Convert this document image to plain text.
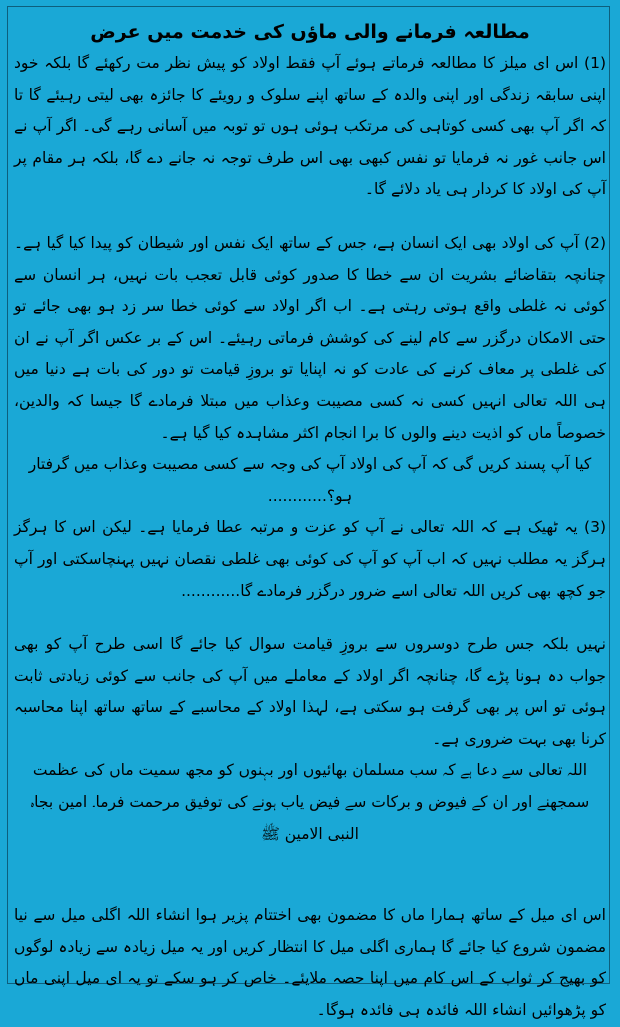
مطالعہ فرمانے والی ماؤں کی خدمت میں عرض

(1) اس ای میلز کا مطالعہ فرماتے ہوئے آپ فقط اولاد کو پیش نظر مت رکھئے گا بلکہ خود اپنی سابقہ زندگی اور اپنی والدہ کے ساتھ اپنے سلوک و رویئے کا جائزہ بھی لیتی رہیئے گا تا کہ اگر آپ بھی کسی کوتاہی کی مرتکب ہوئی ہوں تو توبہ میں آسانی رہے گی۔ اگر آپ نے اس جانب غور نہ فرمایا تو نفس کبھی بھی اس طرف توجہ نہ جانے دے گا، بلکہ ہر مقام پر آپ کی اولاد کا کردار ہی یاد دلائے گا۔

(2) آپ کی اولاد بھی ایک انسان ہے، جس کے ساتھ ایک نفس اور شیطان کو پیدا کیا گیا ہے۔ چنانچہ بتقاضائے بشریت ان سے خطا کا صدور کوئی قابل تعجب بات نہیں، ہر انسان سے کوئی نہ غلطی واقع ہوتی رہتی ہے۔ اب اگر اولاد سے کوئی خطا سر زد ہو بھی جائے تو حتی الامکان درگزر سے کام لینے کی کوشش فرماتی رہیئے۔ اس کے بر عکس اگر آپ نے ان کی غلطی پر معاف کرنے کی عادت کو نہ اپنایا تو بروزِ قیامت تو دور کی بات ہے دنیا میں ہی اللہ تعالی انہیں کسی نہ کسی مصیبت وعذاب میں مبتلا فرمادے گا جیسا کہ والدین، خصوصاً ماں کو اذیت دینے والوں کا برا انجام اکثر مشاہدہ کیا گیا ہے۔

کیا آپ پسند کریں گی کہ آپ کی اولاد آپ کی وجہ سے کسی مصیبت وعذاب میں گرفتار ہو؟............

(3) یہ ٹھیک ہے کہ اللہ تعالی نے آپ کو عزت و مرتبہ عطا فرمایا ہے۔ لیکن اس کا ہرگز ہرگز یہ مطلب نہیں کہ اب آپ کو آپ کی کوئی بھی غلطی نقصان نہیں پہنچاسکتی اور آپ جو کچھ بھی کریں اللہ تعالی اسے ضرور درگزر فرمادے گا............

نہیں بلکہ جس طرح دوسروں سے بروزِ قیامت سوال کیا جائے گا اسی طرح آپ کو بھی جواب دہ ہونا پڑے گا، چنانچہ اگر اولاد کے معاملے میں آپ کی جانب سے کوئی زیادتی ثابت ہوئی تو اس پر بھی گرفت ہو سکتی ہے، لہذا اولاد کے محاسبے کے ساتھ ساتھ اپنا محاسبہ کرنا بھی بہت ضروری ہے۔

اللہ تعالی سے دعا ہے کہ سب مسلمان بھائیوں اور بہنوں کو مجھ سمیت ماں کی عظمت سمجھنے اور ان کے فیوض و برکات سے فیض یاب ہونے کی توفیق مرحمت فرما۔ امین بجاہ النبی الامین ﷺ

اس ای میل کے ساتھ ہمارا ماں کا مضمون بھی اختتام پزیر ہوا انشاء اللہ اگلی میل سے نیا مضمون شروع کیا جائے گا ہماری اگلی میل کا انتظار کریں اور یہ میل زیادہ سے زیادہ لوگوں کو بھیج کر ثواب کے اس کام میں اپنا حصہ ملایئے۔ خاص کر ہو سکے تو یہ ای میل اپنی ماں کو پڑھوائیں انشاء اللہ فائدہ ہی فائدہ ہوگا۔
